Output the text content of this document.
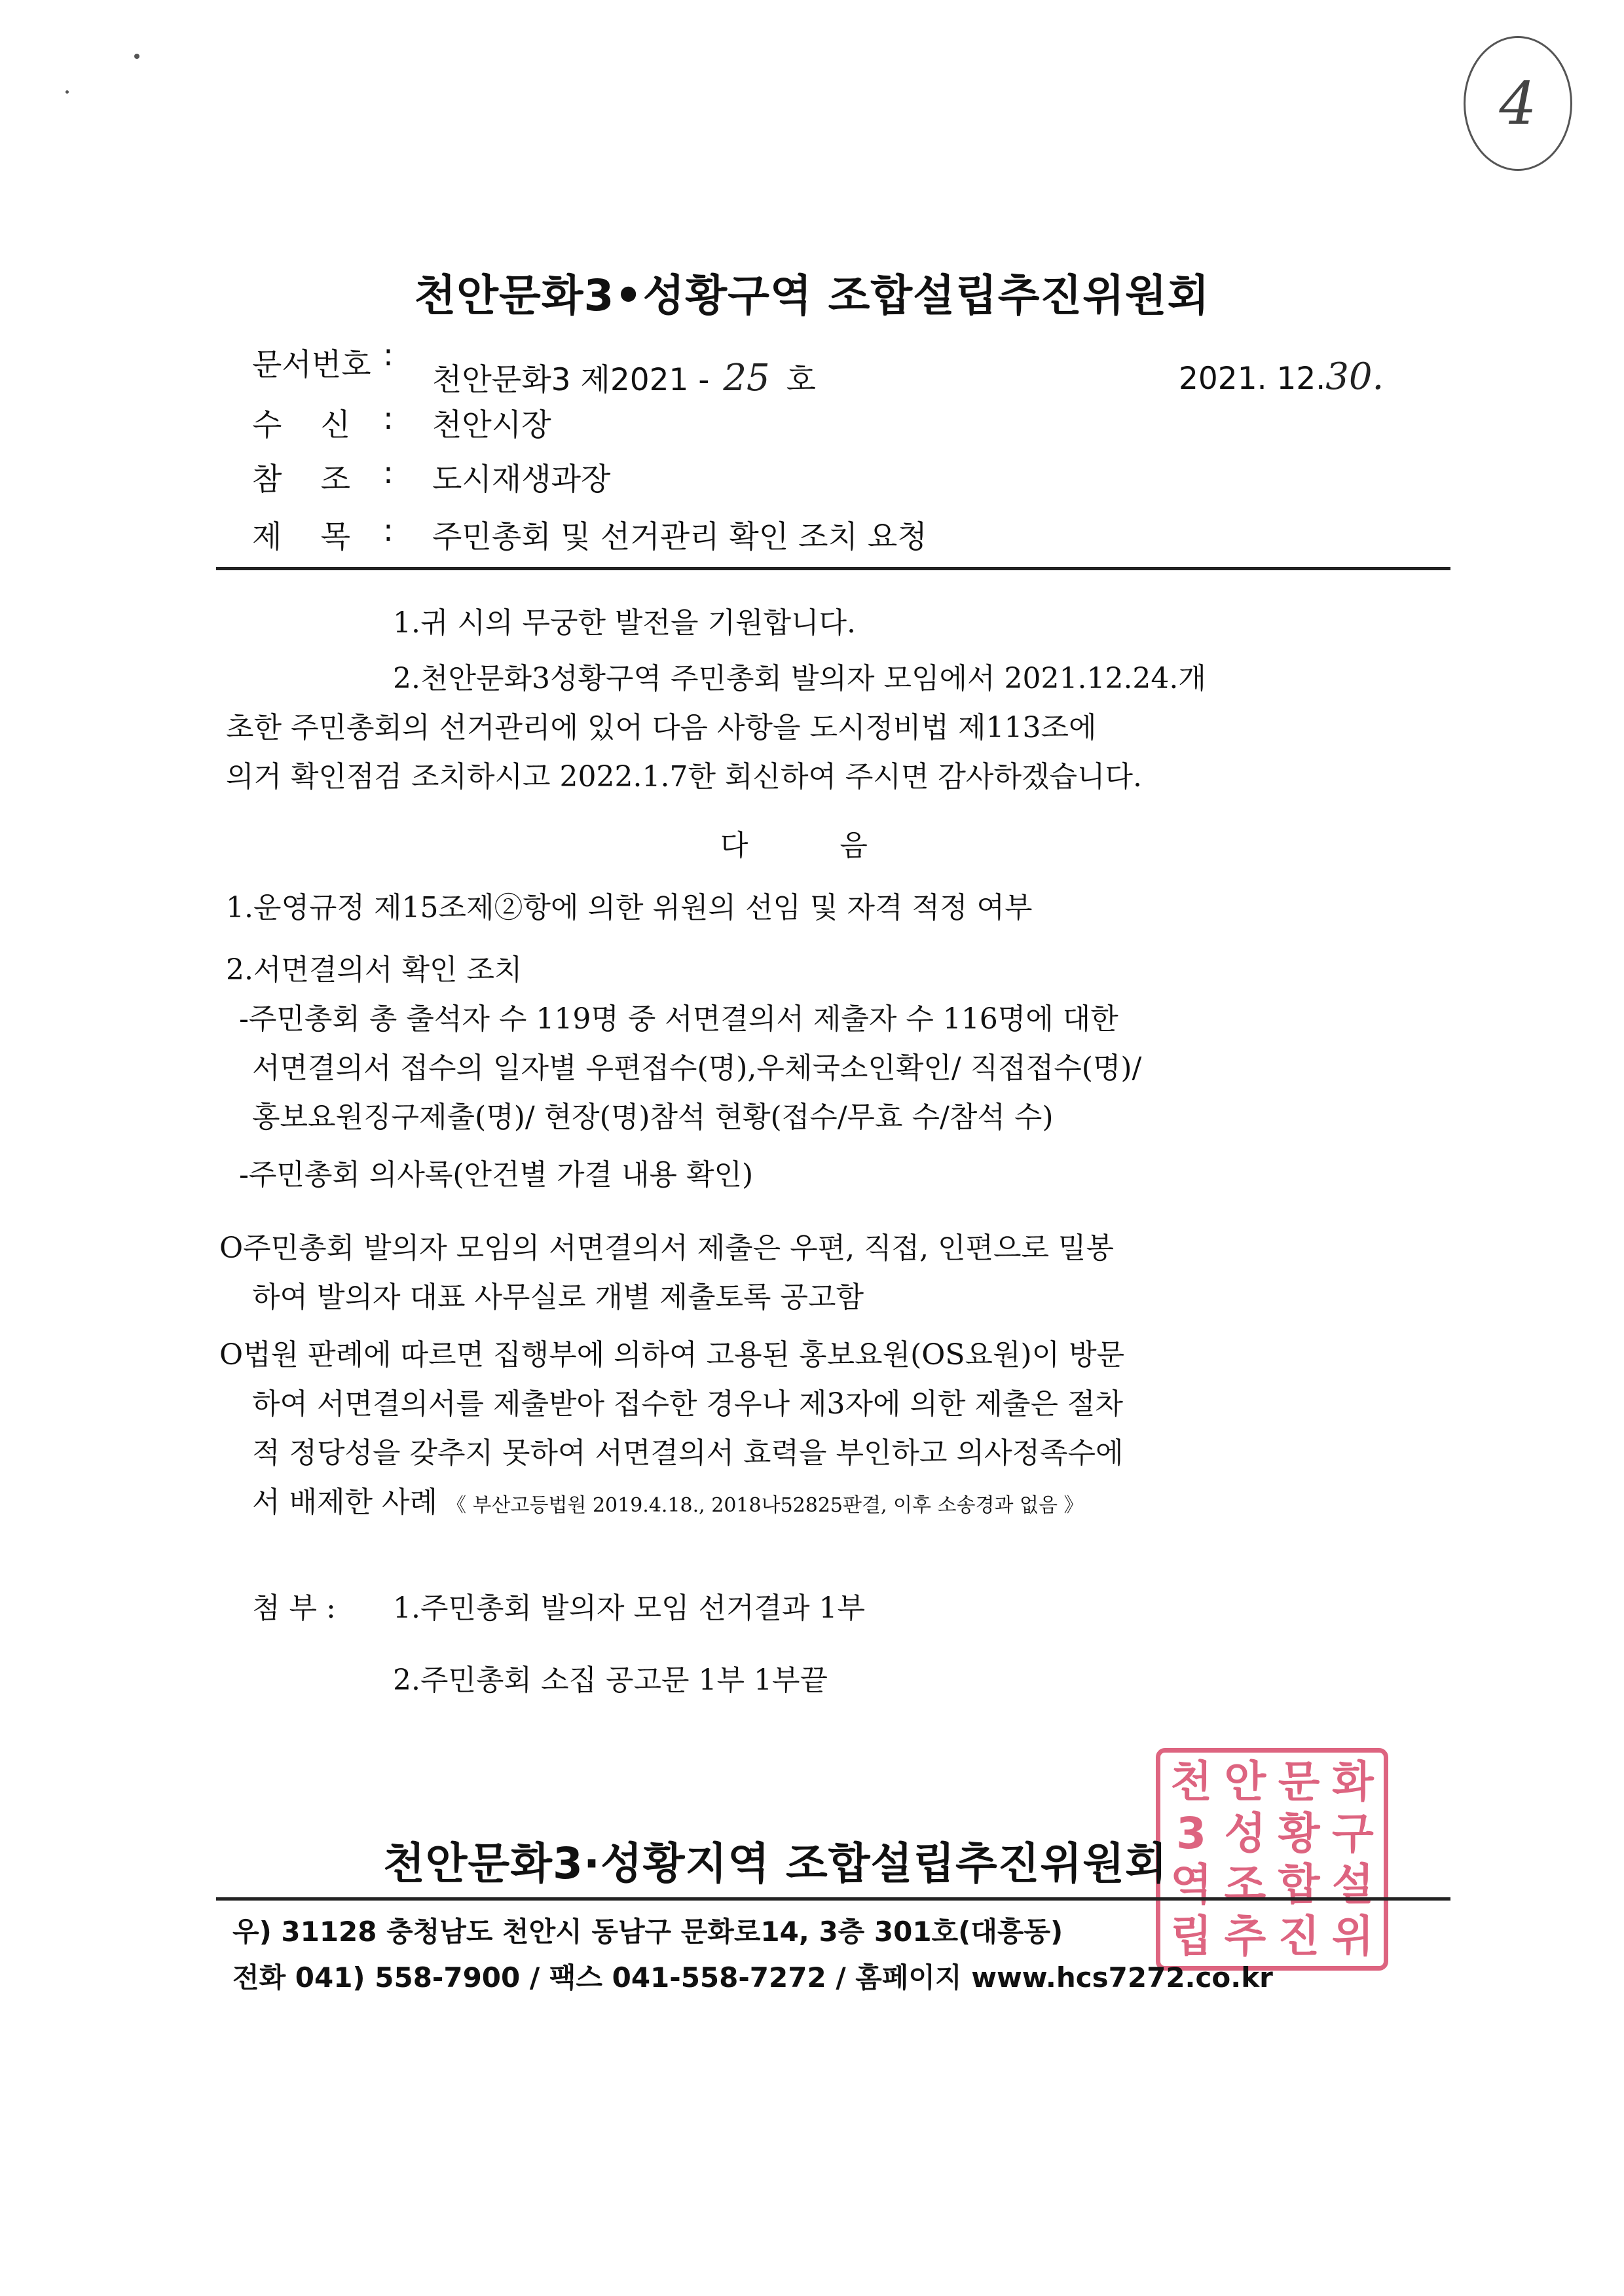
4
천안문화3•성황구역 조합설립추진위원회
문서번호 :
천안문화3 제2021 - 25 호	2021. 12.30.
수 신 : 천안시장
참 조 : 도시재생과장
제 목 : 주민총회 및 선거관리 확인 조치 요청
1.귀 시의 무궁한 발전을 기원합니다.
2.천안문화3성황구역 주민총회 발의자 모임에서 2021.12.24.개
초한 주민총회의 선거관리에 있어 다음 사항을 도시정비법 제113조에
의거 확인점검 조치하시고 2022.1.7한 회신하여 주시면 감사하겠습니다.
다          음
1.운영규정 제15조제②항에 의한 위원의 선임 및 자격 적정 여부
2.서면결의서 확인 조치
-주민총회 총 출석자 수 119명 중 서면결의서 제출자 수 116명에 대한
서면결의서 접수의 일자별 우편접수(명),우체국소인확인/ 직접접수(명)/
홍보요원징구제출(명)/ 현장(명)참석 현황(접수/무효 수/참석 수)
-주민총회 의사록(안건별 가결 내용 확인)
O주민총회 발의자 모임의 서면결의서 제출은 우편, 직접, 인편으로 밀봉
하여 발의자 대표 사무실로 개별 제출토록 공고함
O법원 판례에 따르면 집행부에 의하여 고용된 홍보요원(OS요원)이 방문
하여 서면결의서를 제출받아 접수한 경우나 제3자에 의한 제출은 절차
적 정당성을 갖추지 못하여 서면결의서 효력을 부인하고 의사정족수에
서 배제한 사례 《 부산고등법원 2019.4.18., 2018나52825판결, 이후 소송경과 없음 》
첨 부 : 1.주민총회 발의자 모임 선거결과 1부
2.주민총회 소집 공고문 1부 1부끝
천 안 문 화
3 성 황 구
역 조 합 설
립 추 진 위
천안문화3·성황지역 조합설립추진위원회
우) 31128 충청남도 천안시 동남구 문화로14, 3층 301호(대흥동)
전화 041) 558-7900 / 팩스 041-558-7272 / 홈페이지 www.hcs7272.co.kr
